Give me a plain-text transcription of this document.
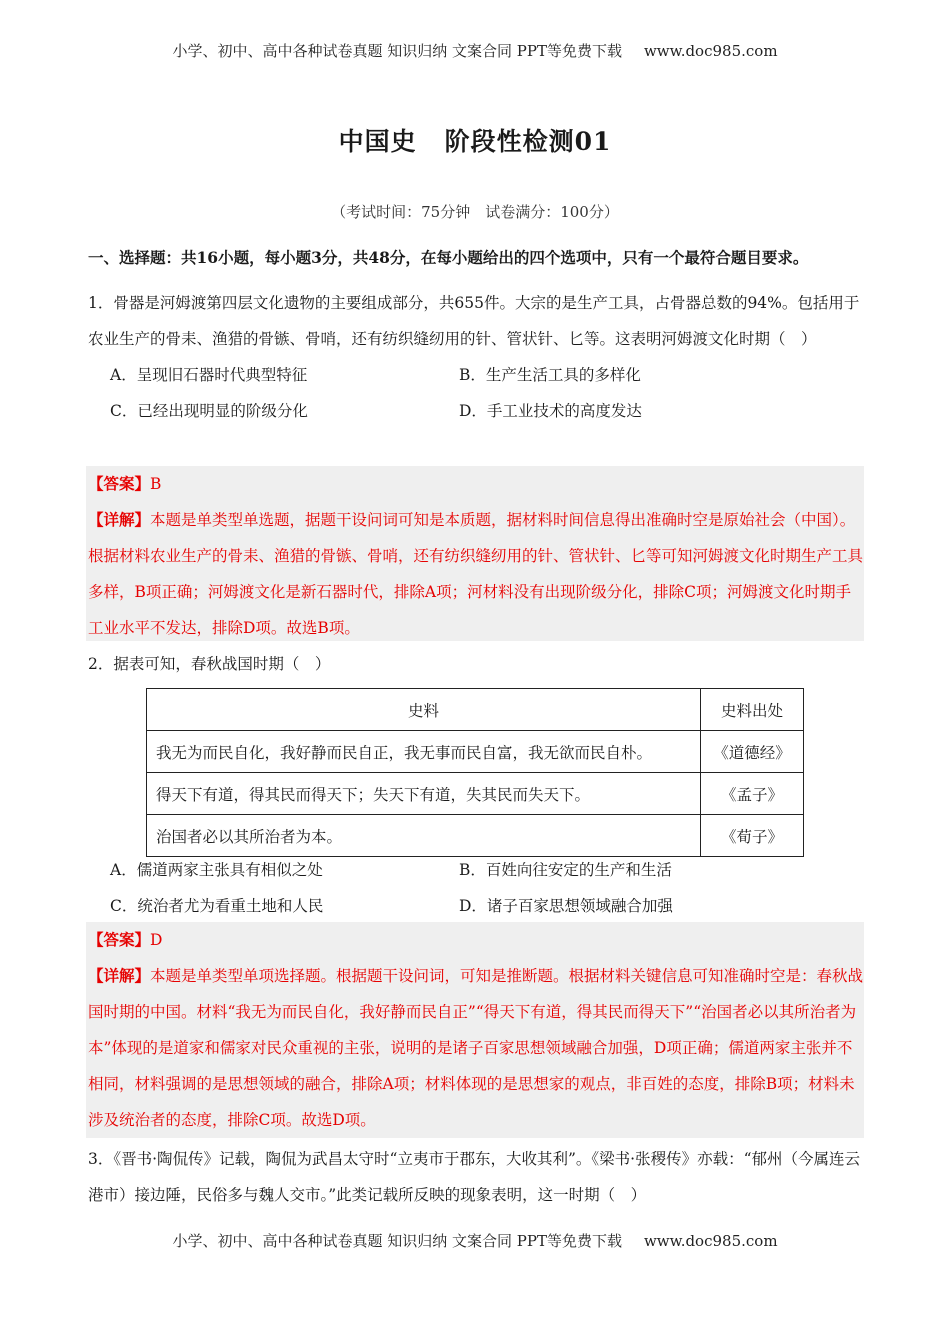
小学、初中、高中各种试卷真题 知识归纳 文案合同 PPT等免费下载 www.doc985.com
中国史 阶段性检测01
（考试时间：75分钟　试卷满分：100分）
一、选择题：共16小题，每小题3分，共48分，在每小题给出的四个选项中，只有一个最符合题目要求。
1．骨器是河姆渡第四层文化遗物的主要组成部分，共655件。大宗的是生产工具，占骨器总数的94%。包括用于农业生产的骨耒、渔猎的骨镞、骨哨，还有纺织缝纫用的针、管状针、匕等。这表明河姆渡文化时期（　）
A．呈现旧石器时代典型特征	B．生产生活工具的多样化
C．已经出现明显的阶级分化	D．手工业技术的高度发达

【答案】B

【详解】本题是单类型单选题，据题干设问词可知是本质题，据材料时间信息得出准确时空是原始社会（中国）。根据材料农业生产的骨耒、渔猎的骨镞、骨哨，还有纺织缝纫用的针、管状针、匕等可知河姆渡文化时期生产工具多样，B项正确；河姆渡文化是新石器时代，排除A项；河材料没有出现阶级分化，排除C项；河姆渡文化时期手工业水平不发达，排除D项。故选B项。

2．据表可知，春秋战国时期（　）
史料	史料出处
我无为而民自化，我好静而民自正，我无事而民自富，我无欲而民自朴。	《道德经》
得天下有道，得其民而得天下；失天下有道，失其民而失天下。	《孟子》
治国者必以其所治者为本。	《荀子》
A．儒道两家主张具有相似之处	B．百姓向往安定的生产和生活
C．统治者尤为看重土地和人民	D．诸子百家思想领域融合加强

【答案】D

【详解】本题是单类型单项选择题。根据题干设问词，可知是推断题。根据材料关键信息可知准确时空是：春秋战国时期的中国。材料“我无为而民自化，我好静而民自正”“得天下有道，得其民而得天下”“治国者必以其所治者为本”体现的是道家和儒家对民众重视的主张，说明的是诸子百家思想领域融合加强，D项正确；儒道两家主张并不相同，材料强调的是思想领域的融合，排除A项；材料体现的是思想家的观点，非百姓的态度，排除B项；材料未涉及统治者的态度，排除C项。故选D项。

3．《晋书·陶侃传》记载，陶侃为武昌太守时“立夷市于郡东，大收其利”。《梁书·张稷传》亦载：“郁州（今属连云港市）接边陲，民俗多与魏人交市。”此类记载所反映的现象表明，这一时期（　）
小学、初中、高中各种试卷真题 知识归纳 文案合同 PPT等免费下载 www.doc985.com
